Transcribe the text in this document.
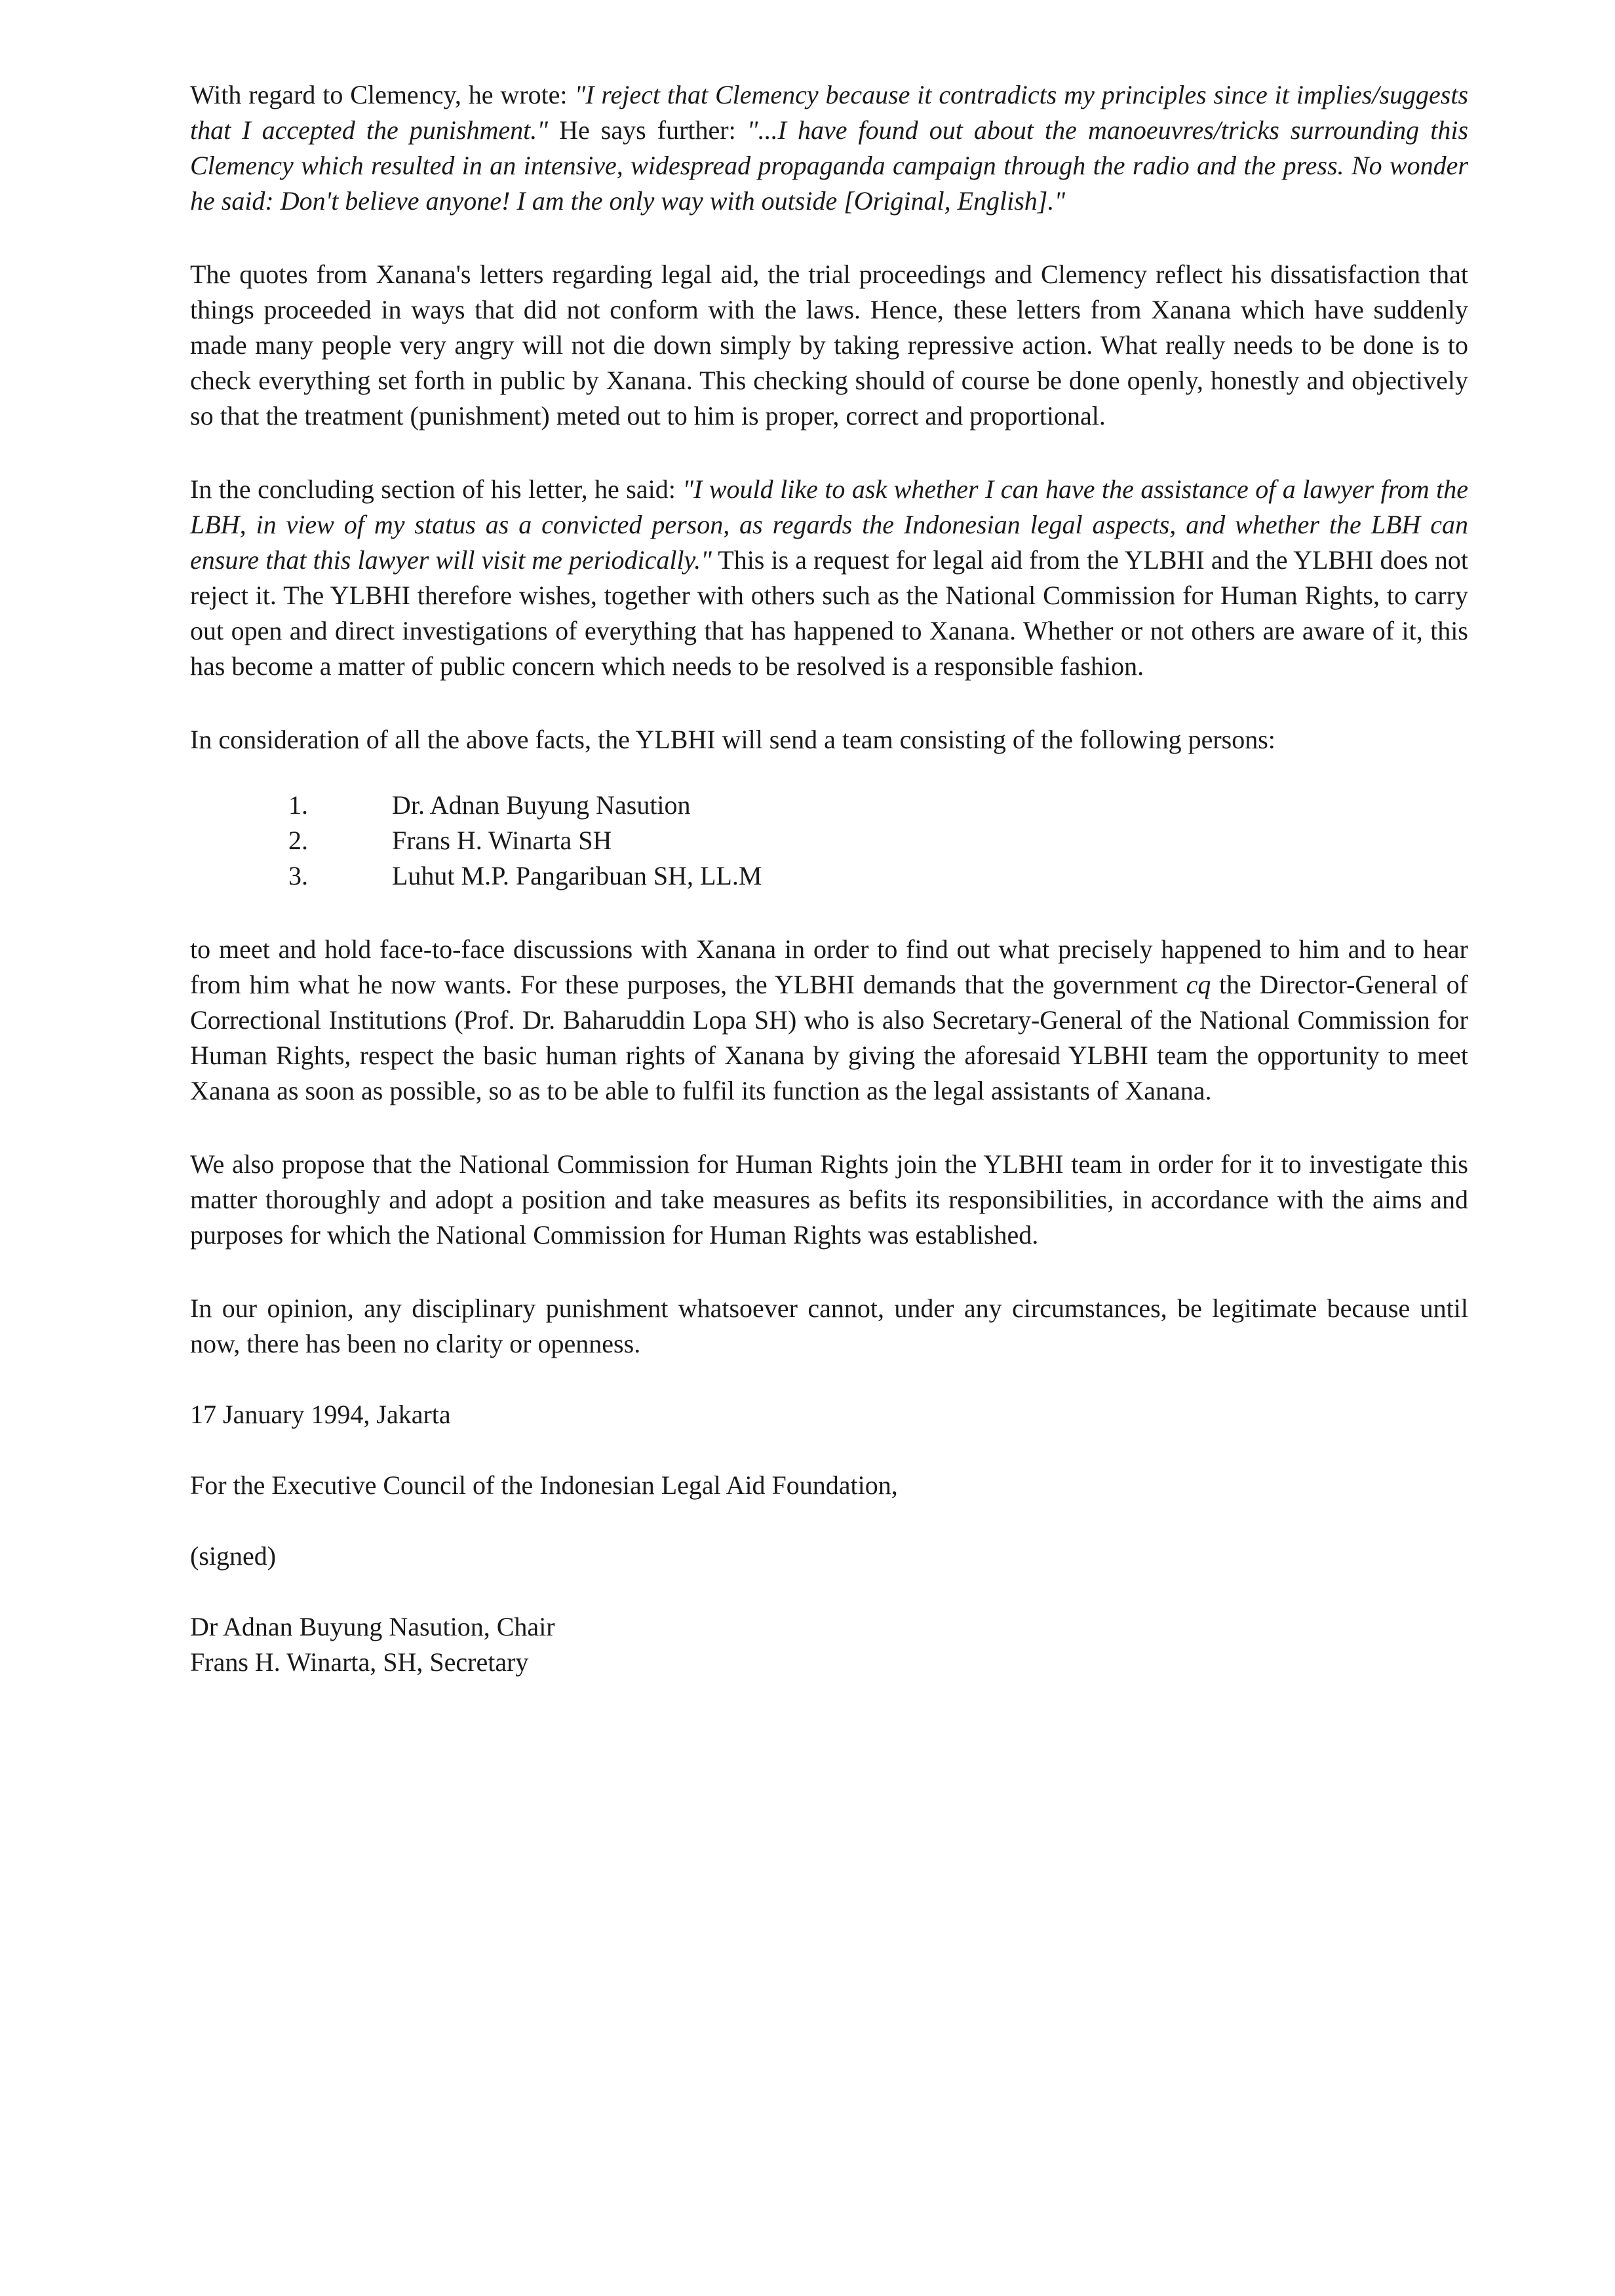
With regard to Clemency, he wrote: "I reject that Clemency because it contradicts my principles since it implies/suggests that I accepted the punishment." He says further: "...I have found out about the manoeuvres/tricks surrounding this Clemency which resulted in an intensive, widespread propaganda campaign through the radio and the press. No wonder he said: Don't believe anyone! I am the only way with outside [Original, English]."

The quotes from Xanana's letters regarding legal aid, the trial proceedings and Clemency reflect his dissatisfaction that things proceeded in ways that did not conform with the laws. Hence, these letters from Xanana which have suddenly made many people very angry will not die down simply by taking repressive action. What really needs to be done is to check everything set forth in public by Xanana. This checking should of course be done openly, honestly and objectively so that the treatment (punishment) meted out to him is proper, correct and proportional.

In the concluding section of his letter, he said: "I would like to ask whether I can have the assistance of a lawyer from the LBH, in view of my status as a convicted person, as regards the Indonesian legal aspects, and whether the LBH can ensure that this lawyer will visit me periodically." This is a request for legal aid from the YLBHI and the YLBHI does not reject it. The YLBHI therefore wishes, together with others such as the National Commission for Human Rights, to carry out open and direct investigations of everything that has happened to Xanana. Whether or not others are aware of it, this has become a matter of public concern which needs to be resolved is a responsible fashion.

In consideration of all the above facts, the YLBHI will send a team consisting of the following persons:

1.	Dr. Adnan Buyung Nasution
2.	Frans H. Winarta SH
3.	Luhut M.P. Pangaribuan SH, LL.M

to meet and hold face-to-face discussions with Xanana in order to find out what precisely happened to him and to hear from him what he now wants. For these purposes, the YLBHI demands that the government cq the Director-General of Correctional Institutions (Prof. Dr. Baharuddin Lopa SH) who is also Secretary-General of the National Commission for Human Rights, respect the basic human rights of Xanana by giving the aforesaid YLBHI team the opportunity to meet Xanana as soon as possible, so as to be able to fulfil its function as the legal assistants of Xanana.

We also propose that the National Commission for Human Rights join the YLBHI team in order for it to investigate this matter thoroughly and adopt a position and take measures as befits its responsibilities, in accordance with the aims and purposes for which the National Commission for Human Rights was established.

In our opinion, any disciplinary punishment whatsoever cannot, under any circumstances, be legitimate because until now, there has been no clarity or openness.

17 January 1994, Jakarta

For the Executive Council of the Indonesian Legal Aid Foundation,

(signed)

Dr Adnan Buyung Nasution, Chair

Frans H. Winarta, SH, Secretary
